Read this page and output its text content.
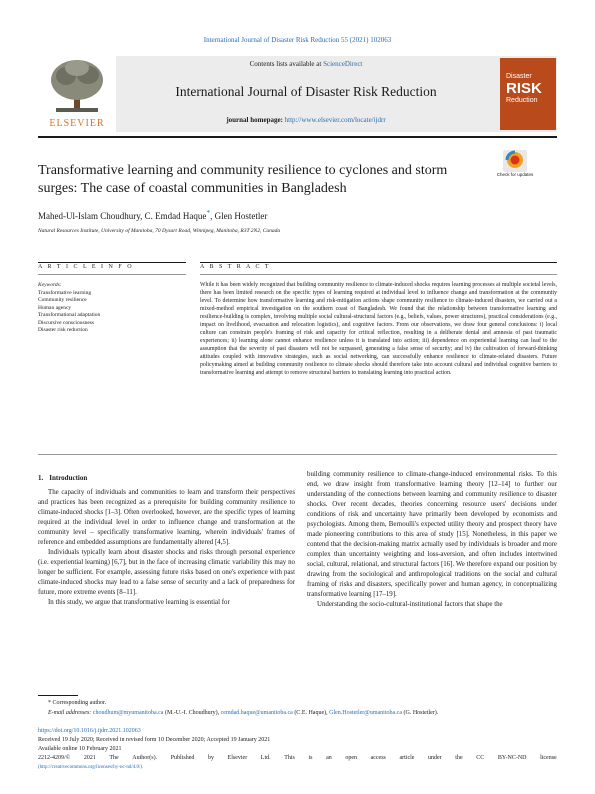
International Journal of Disaster Risk Reduction 55 (2021) 102063
ELSEVIER
Contents lists available at ScienceDirect
International Journal of Disaster Risk Reduction
journal homepage: http://www.elsevier.com/locate/ijdrr
Disaster
RISK
Reduction
Transformative learning and community resilience to cyclones and storm surges: The case of coastal communities in Bangladesh
Check for updates
Mahed-Ul-Islam Choudhury, C. Emdad Haque*, Glen Hostetler
Natural Resources Institute, University of Manitoba, 70 Dysart Road, Winnipeg, Manitoba, R3T 2N2, Canada
A R T I C L E I N F O	A B S T R A C T
Keywords:
Transformative learning
Community resilience
Human agency
Transformational adaptation
Discursive consciousness
Disaster risk reduction
While it has been widely recognized that building community resilience to climate-induced shocks requires learning processes at multiple societal levels, there has been limited research on the specific types of learning required at individual level to influence change and transformation at the community level. To determine how transformative learning and risk-mitigation actions shape community resilience to climate-induced disasters, we carried out a mixed-method empirical investigation on the southern coast of Bangladesh. We found that the relationship between transformative learning and resilience-building is complex, involving multiple social cultural-structural factors (e.g., beliefs, values, power structures), practical considerations (e.g., impact on livelihood, evacuation and relocation logistics), and cognitive factors. From our observations, we draw four general conclusions: i) local culture can constrain people's framing of risk and capacity for critical reflection, resulting in a deliberate denial and amnesia of past traumatic experiences; ii) learning alone cannot enhance resilience unless it is translated into action; iii) dependence on experiential learning can lead to the assumption that the severity of past disasters will not be surpassed, generating a false sense of security; and iv) the cultivation of forward-thinking attitudes coupled with innovative strategies, such as social networking, can successfully enhance resilience to climate-related disasters. Future policymaking aimed at building community resilience to climate shocks should therefore take into account cultural and individual cognitive barriers to transformative learning and attempt to remove structural barriers to translating learning into practical action.
1. Introduction

The capacity of individuals and communities to learn and transform their perspectives and practices has been recognized as a prerequisite for building community resilience to climate-induced shocks [1–3]. Often overlooked, however, are the specific types of learning required at the individual level in order to influence change and transformation at the community level – specifically transformative learning, wherein individuals' frames of reference and embedded assumptions are fundamentally altered [4,5].

Individuals typically learn about disaster shocks and risks through personal experience (i.e. experiential learning) [6,7], but in the face of increasing climatic variability this may no longer be sufficient. For example, assessing future risks based on one's experience with past climate-induced shocks may lead to a false sense of security and a lack of preparedness for future, more extreme events [8–11].

In this study, we argue that transformative learning is essential for

building community resilience to climate-change-induced environmental risks. To this end, we draw insight from transformative learning theory [12–14] to further our understanding of the connections between learning and community resilience to disaster shocks. Over recent decades, theories concerning resource users' decisions under conditions of risk and uncertainty have primarily been developed by economists and psychologists. Among them, Bernoulli's expected utility theory and prospect theory have made pioneering contributions to this area of study [15]. Nonetheless, in this paper we contend that the decision-making matrix actually used by individuals is broader and more complex than uncertainty weighting and loss-aversion, and often includes intertwined social, cultural, relational, and structural factors [16]. We therefore expand our position by drawing from the sociological and anthropological traditions on the social and cultural framing of risks and disasters, specifically power and human agency, in conceptualizing transformative learning [17–19].

Understanding the socio-cultural-institutional factors that shape the

* Corresponding author.
E-mail addresses: choudhum@myumanitoba.ca (M.-U.-I. Choudhury), cemdad.haque@umanitoba.ca (C.E. Haque), Glen.Hostetler@umanitoba.ca (G. Hostetler).
https://doi.org/10.1016/j.ijdrr.2021.102063
Received 19 July 2020; Received in revised form 10 December 2020; Accepted 19 January 2021
Available online 10 February 2021
2212-4209/© 2021 The Author(s). Published by Elsevier Ltd. This is an open access article under the CC BY-NC-ND license
(http://creativecommons.org/licenses/by-nc-nd/4.0/).
